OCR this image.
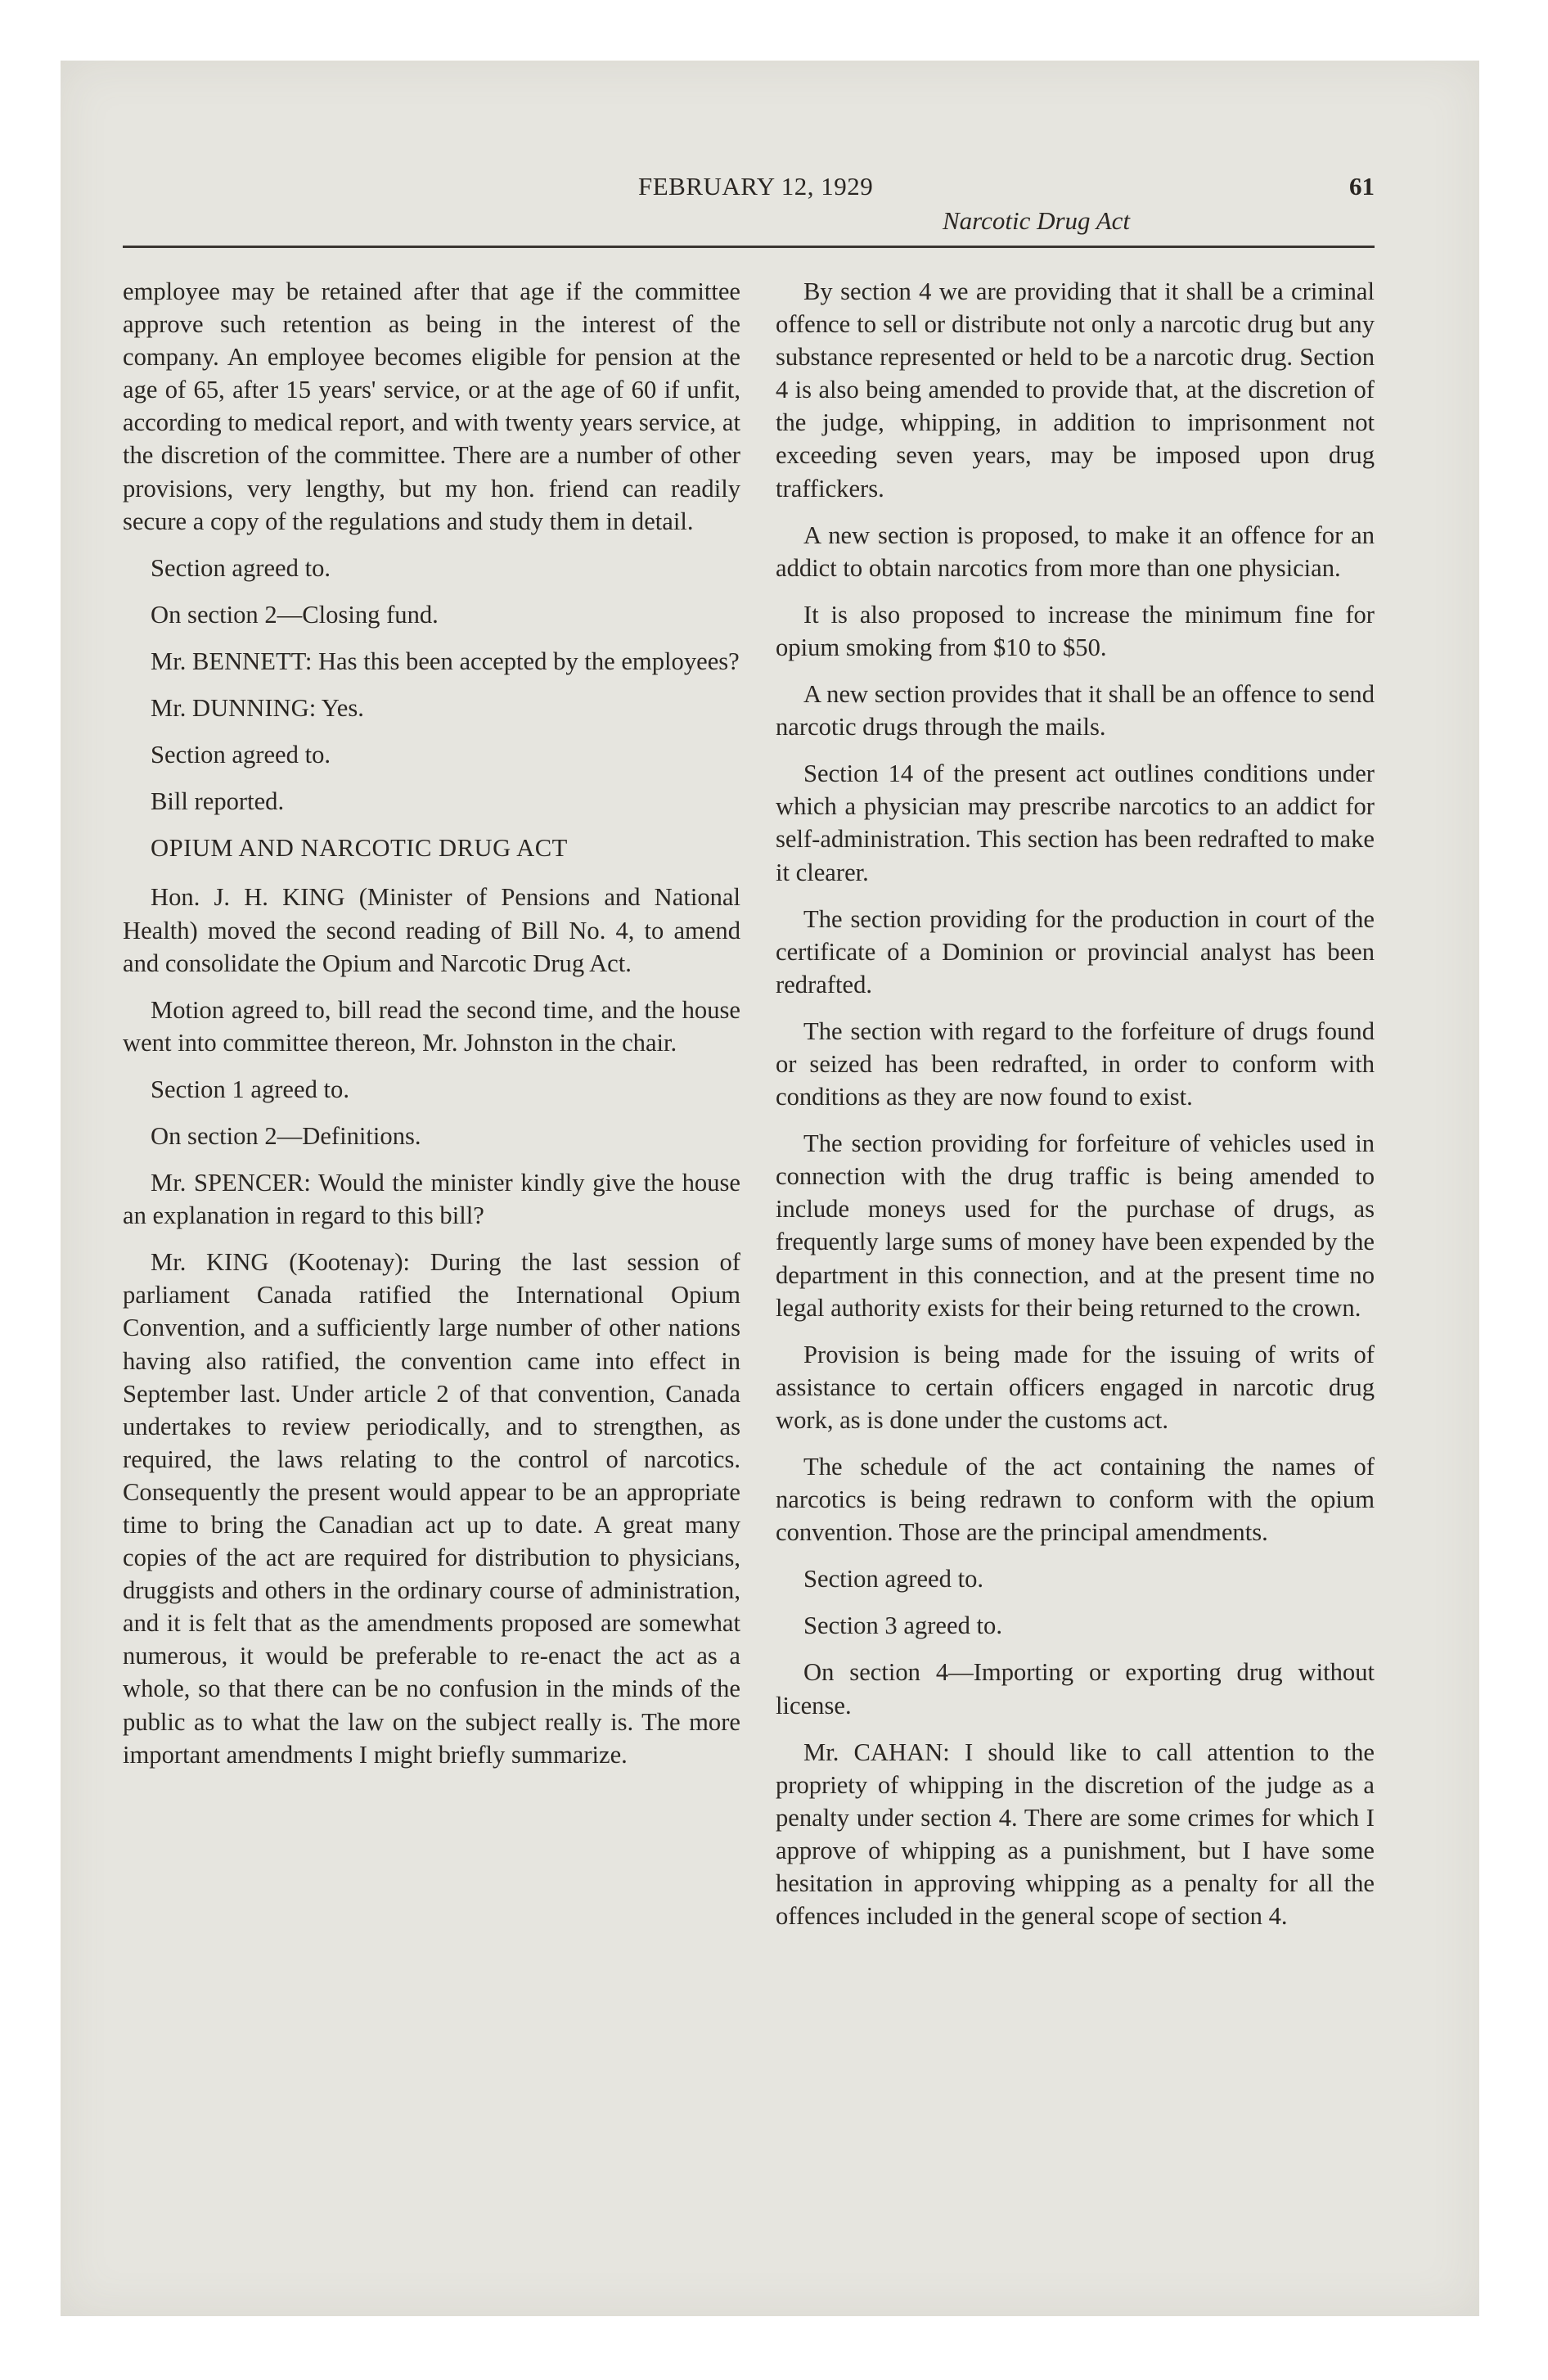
FEBRUARY 12, 1929	61
Narcotic Drug Act

employee may be retained after that age if the committee approve such retention as being in the interest of the company. An employee becomes eligible for pension at the age of 65, after 15 years' service, or at the age of 60 if unfit, according to medical report, and with twenty years service, at the discretion of the committee. There are a number of other provisions, very lengthy, but my hon. friend can readily secure a copy of the regulations and study them in detail.

Section agreed to.

On section 2—Closing fund.

Mr. BENNETT: Has this been accepted by the employees?

Mr. DUNNING: Yes.

Section agreed to.

Bill reported.

OPIUM AND NARCOTIC DRUG ACT

Hon. J. H. KING (Minister of Pensions and National Health) moved the second reading of Bill No. 4, to amend and consolidate the Opium and Narcotic Drug Act.

Motion agreed to, bill read the second time, and the house went into committee thereon, Mr. Johnston in the chair.

Section 1 agreed to.

On section 2—Definitions.

Mr. SPENCER: Would the minister kindly give the house an explanation in regard to this bill?

Mr. KING (Kootenay): During the last session of parliament Canada ratified the International Opium Convention, and a sufficiently large number of other nations having also ratified, the convention came into effect in September last. Under article 2 of that convention, Canada undertakes to review periodically, and to strengthen, as required, the laws relating to the control of narcotics. Consequently the present would appear to be an appropriate time to bring the Canadian act up to date. A great many copies of the act are required for distribution to physicians, druggists and others in the ordinary course of administration, and it is felt that as the amendments proposed are somewhat numerous, it would be preferable to re-enact the act as a whole, so that there can be no confusion in the minds of the public as to what the law on the subject really is. The more important amendments I might briefly summarize.

By section 4 we are providing that it shall be a criminal offence to sell or distribute not only a narcotic drug but any substance represented or held to be a narcotic drug. Section 4 is also being amended to provide that, at the discretion of the judge, whipping, in addition to imprisonment not exceeding seven years, may be imposed upon drug traffickers.

A new section is proposed, to make it an offence for an addict to obtain narcotics from more than one physician.

It is also proposed to increase the minimum fine for opium smoking from $10 to $50.

A new section provides that it shall be an offence to send narcotic drugs through the mails.

Section 14 of the present act outlines conditions under which a physician may prescribe narcotics to an addict for self-administration. This section has been redrafted to make it clearer.

The section providing for the production in court of the certificate of a Dominion or provincial analyst has been redrafted.

The section with regard to the forfeiture of drugs found or seized has been redrafted, in order to conform with conditions as they are now found to exist.

The section providing for forfeiture of vehicles used in connection with the drug traffic is being amended to include moneys used for the purchase of drugs, as frequently large sums of money have been expended by the department in this connection, and at the present time no legal authority exists for their being returned to the crown.

Provision is being made for the issuing of writs of assistance to certain officers engaged in narcotic drug work, as is done under the customs act.

The schedule of the act containing the names of narcotics is being redrawn to conform with the opium convention. Those are the principal amendments.

Section agreed to.

Section 3 agreed to.

On section 4—Importing or exporting drug without license.

Mr. CAHAN: I should like to call attention to the propriety of whipping in the discretion of the judge as a penalty under section 4. There are some crimes for which I approve of whipping as a punishment, but I have some hesitation in approving whipping as a penalty for all the offences included in the general scope of section 4.
